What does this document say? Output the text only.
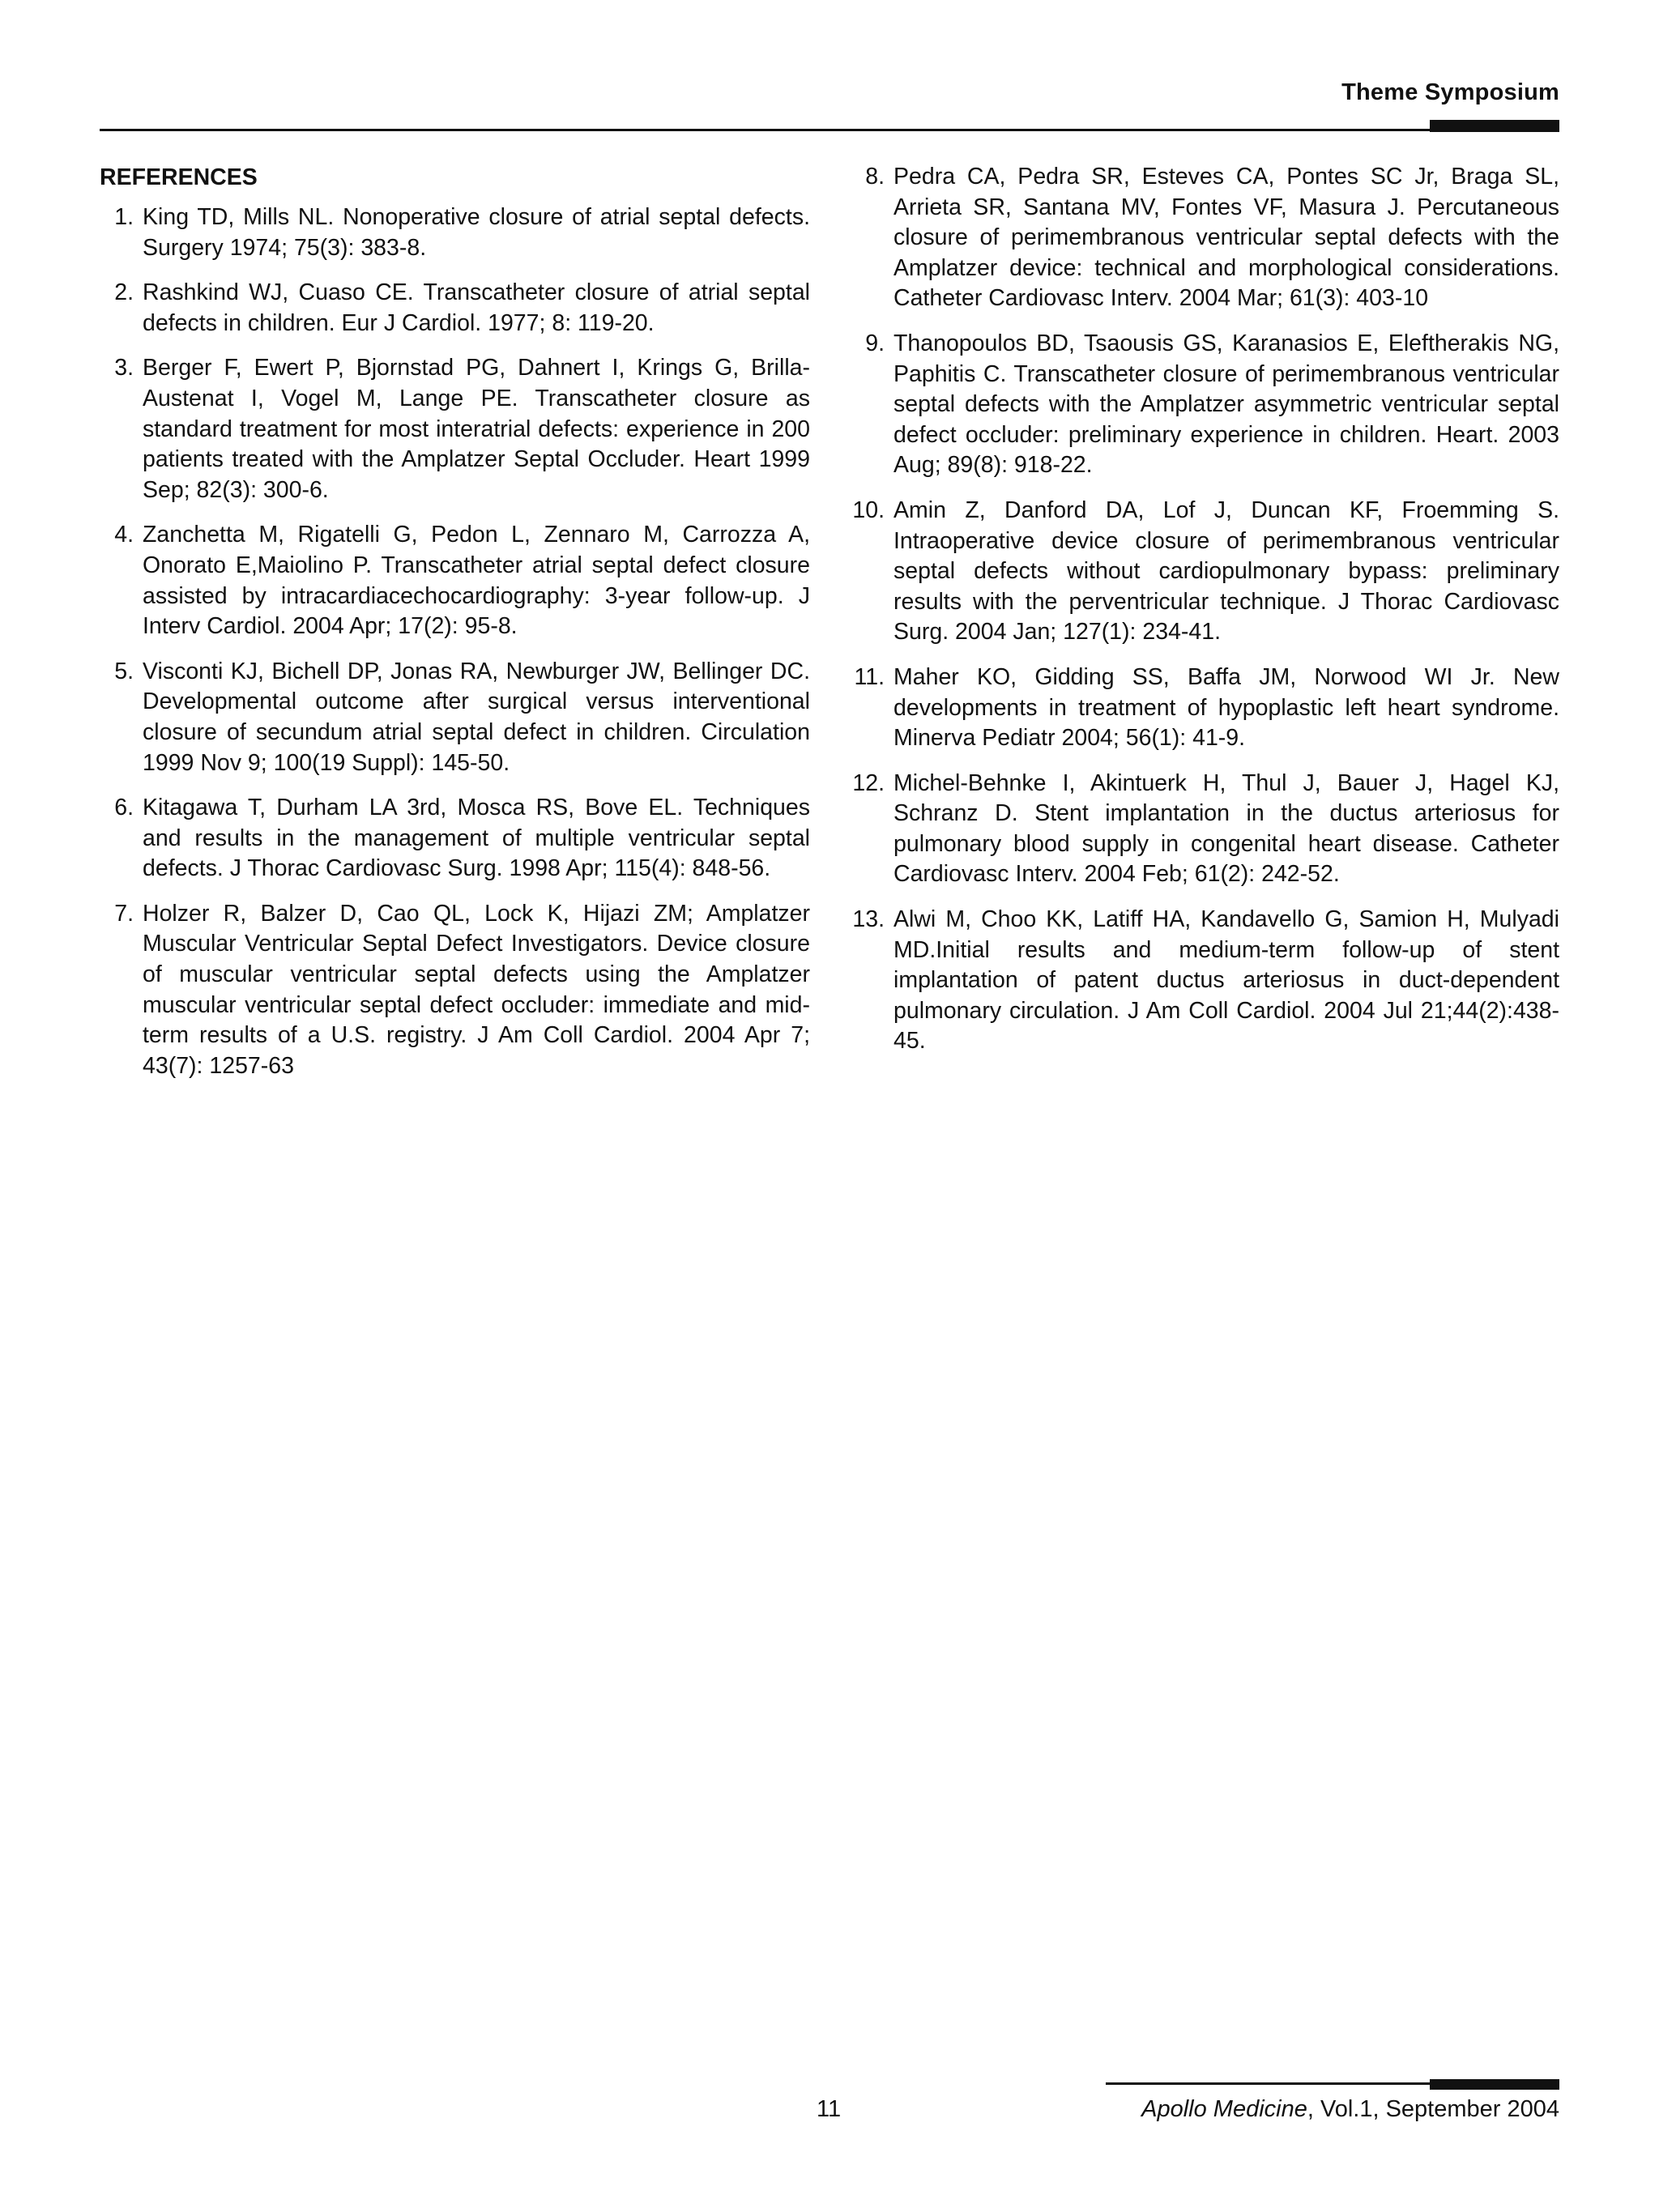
Theme Symposium
REFERENCES
1. King TD, Mills NL. Nonoperative closure of atrial septal defects. Surgery 1974; 75(3): 383-8.
2. Rashkind WJ, Cuaso CE. Transcatheter closure of atrial septal defects in children. Eur J Cardiol. 1977; 8: 119-20.
3. Berger F, Ewert P, Bjornstad PG, Dahnert I, Krings G, Brilla-Austenat I, Vogel M, Lange PE. Transcatheter closure as standard treatment for most interatrial defects: experience in 200 patients treated with the Amplatzer Septal Occluder. Heart 1999 Sep; 82(3): 300-6.
4. Zanchetta M, Rigatelli G, Pedon L, Zennaro M, Carrozza A, Onorato E,Maiolino P. Transcatheter atrial septal defect closure assisted by intracardiacechocardiography: 3-year follow-up. J Interv Cardiol. 2004 Apr; 17(2): 95-8.
5. Visconti KJ, Bichell DP, Jonas RA, Newburger JW, Bellinger DC. Developmental outcome after surgical versus interventional closure of secundum atrial septal defect in children. Circulation 1999 Nov 9; 100(19 Suppl): 145-50.
6. Kitagawa T, Durham LA 3rd, Mosca RS, Bove EL. Techniques and results in the management of multiple ventricular septal defects. J Thorac Cardiovasc Surg. 1998 Apr; 115(4): 848-56.
7. Holzer R, Balzer D, Cao QL, Lock K, Hijazi ZM; Amplatzer Muscular Ventricular Septal Defect Investigators. Device closure of muscular ventricular septal defects using the Amplatzer muscular ventricular septal defect occluder: immediate and mid-term results of a U.S. registry. J Am Coll Cardiol. 2004 Apr 7; 43(7): 1257-63
8. Pedra CA, Pedra SR, Esteves CA, Pontes SC Jr, Braga SL, Arrieta SR, Santana MV, Fontes VF, Masura J. Percutaneous closure of perimembranous ventricular septal defects with the Amplatzer device: technical and morphological considerations. Catheter Cardiovasc Interv. 2004 Mar; 61(3): 403-10
9. Thanopoulos BD, Tsaousis GS, Karanasios E, Eleftherakis NG, Paphitis C. Transcatheter closure of perimembranous ventricular septal defects with the Amplatzer asymmetric ventricular septal defect occluder: preliminary experience in children. Heart. 2003 Aug; 89(8): 918-22.
10. Amin Z, Danford DA, Lof J, Duncan KF, Froemming S. Intraoperative device closure of perimembranous ventricular septal defects without cardiopulmonary bypass: preliminary results with the perventricular technique. J Thorac Cardiovasc Surg. 2004 Jan; 127(1): 234-41.
11. Maher KO, Gidding SS, Baffa JM, Norwood WI Jr. New developments in treatment of hypoplastic left heart syndrome. Minerva Pediatr 2004; 56(1): 41-9.
12. Michel-Behnke I, Akintuerk H, Thul J, Bauer J, Hagel KJ, Schranz D. Stent implantation in the ductus arteriosus for pulmonary blood supply in congenital heart disease. Catheter Cardiovasc Interv. 2004 Feb; 61(2): 242-52.
13. Alwi M, Choo KK, Latiff HA, Kandavello G, Samion H, Mulyadi MD.Initial results and medium-term follow-up of stent implantation of patent ductus arteriosus in duct-dependent pulmonary circulation. J Am Coll Cardiol. 2004 Jul 21;44(2):438-45.
11	Apollo Medicine, Vol.1, September 2004
